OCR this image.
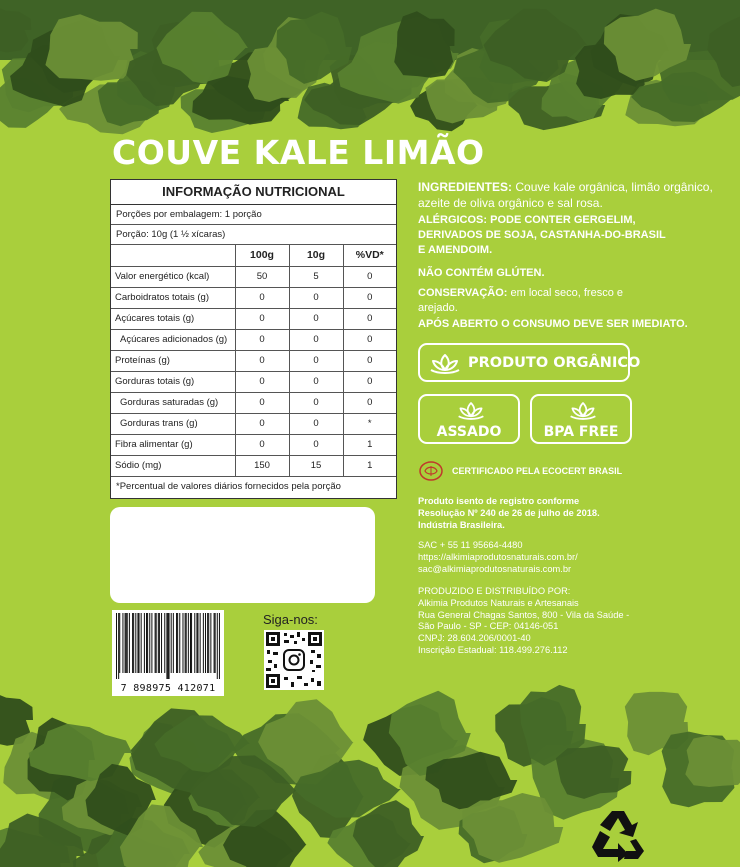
COUVE KALE LIMÃO
INFORMAÇÃO NUTRICIONAL
Porções por embalagem: 1 porção
Porção: 10g (1 ½ xícaras)
	100g	10g	%VD*
Valor energético (kcal)	50	5	0
Carboidratos totais (g)	0	0	0
Açúcares totais (g)	0	0	0
Açúcares adicionados (g)	0	0	0
Proteínas (g)	0	0	0
Gorduras totais (g)	0	0	0
Gorduras saturadas (g)	0	0	0
Gorduras trans (g)	0	0	*
Fibra alimentar (g)	0	0	1
Sódio (mg)	150	15	1
*Percentual de valores diários fornecidos pela porção
7 898975 412071
Siga-nos:
INGREDIENTES: Couve kale orgânica, limão orgânico, azeite de oliva orgânico e sal rosa.
ALÉRGICOS: PODE CONTER GERGELIM,
DERIVADOS DE SOJA, CASTANHA-DO-BRASIL
E AMENDOIM.
NÃO CONTÉM GLÚTEN.
CONSERVAÇÃO: em local seco, fresco e
arejado.
APÓS ABERTO O CONSUMO DEVE SER IMEDIATO.
PRODUTO ORGÂNICO
ASSADO	BPA FREE
CERTIFICADO PELA ECOCERT BRASIL
Produto isento de registro conforme
Resolução Nº 240 de 26 de julho de 2018.
Indústria Brasileira.
SAC + 55 11 95664-4480
https://alkimiaprodutosnaturais.com.br/
sac@alkimiaprodutosnaturais.com.br
PRODUZIDO E DISTRIBUÍDO POR:
Alkimia Produtos Naturais e Artesanais
Rua General Chagas Santos, 800 - Vila da Saúde -
São Paulo - SP - CEP: 04146-051
CNPJ: 28.604.206/0001-40
Inscrição Estadual: 118.499.276.112
7
